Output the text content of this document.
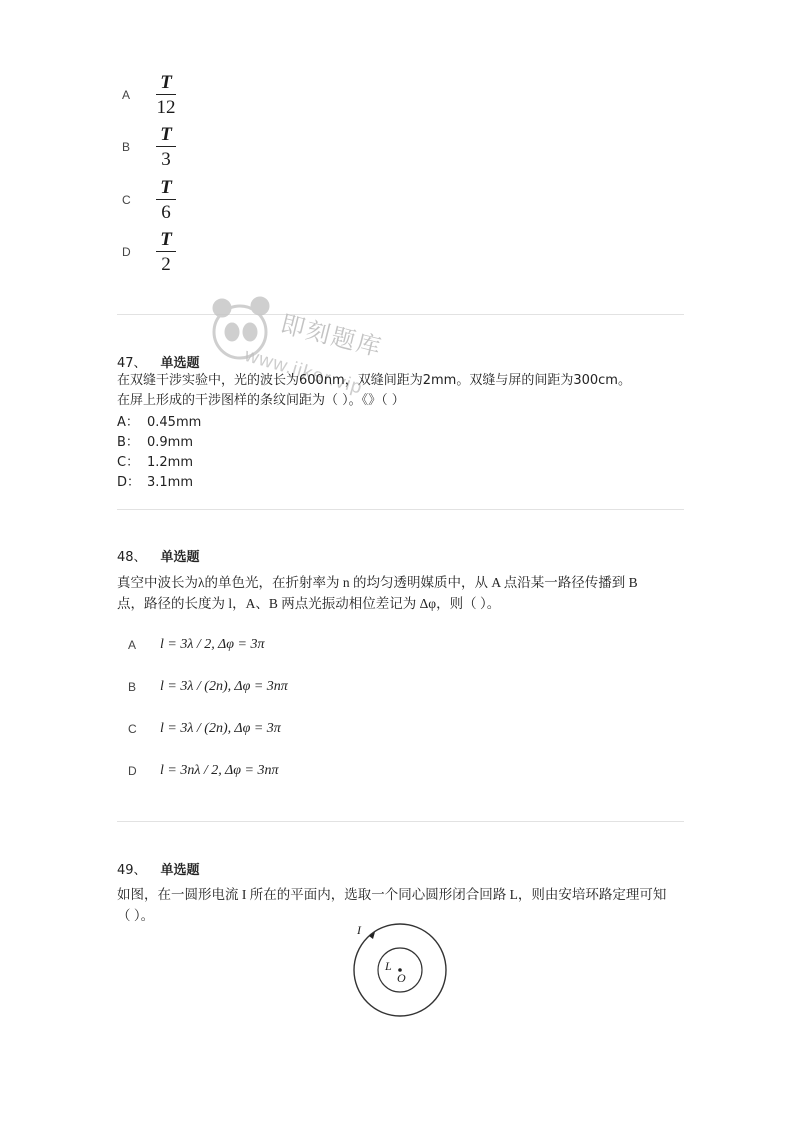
A	$\frac{T}{12}$
B	$\frac{T}{3}$
C	$\frac{T}{6}$
D	$\frac{T}{2}$
即刻题库
www.jiker.vip
47、 单选题
在双缝干涉实验中，光的波长为600nm，双缝间距为2mm。双缝与屏的间距为300cm。
在屏上形成的干涉图样的条纹间距为（ ）。《》（ ）
A： 0.45mm
B： 0.9mm
C： 1.2mm
D： 3.1mm
48、 单选题
真空中波长为λ的单色光，在折射率为 n 的均匀透明媒质中，从 A 点沿某一路径传播到 B
点，路径的长度为 l，A、B 两点光振动相位差记为 Δφ，则（ ）。
A	l = 3λ / 2, Δφ = 3π
B	l = 3λ / (2n), Δφ = 3nπ
C	l = 3λ / (2n), Δφ = 3π
D	l = 3nλ / 2, Δφ = 3nπ
49、 单选题
如图，在一圆形电流 I 所在的平面内，选取一个同心圆形闭合回路 L，则由安培环路定理可知
（ ）。
I
L
O
